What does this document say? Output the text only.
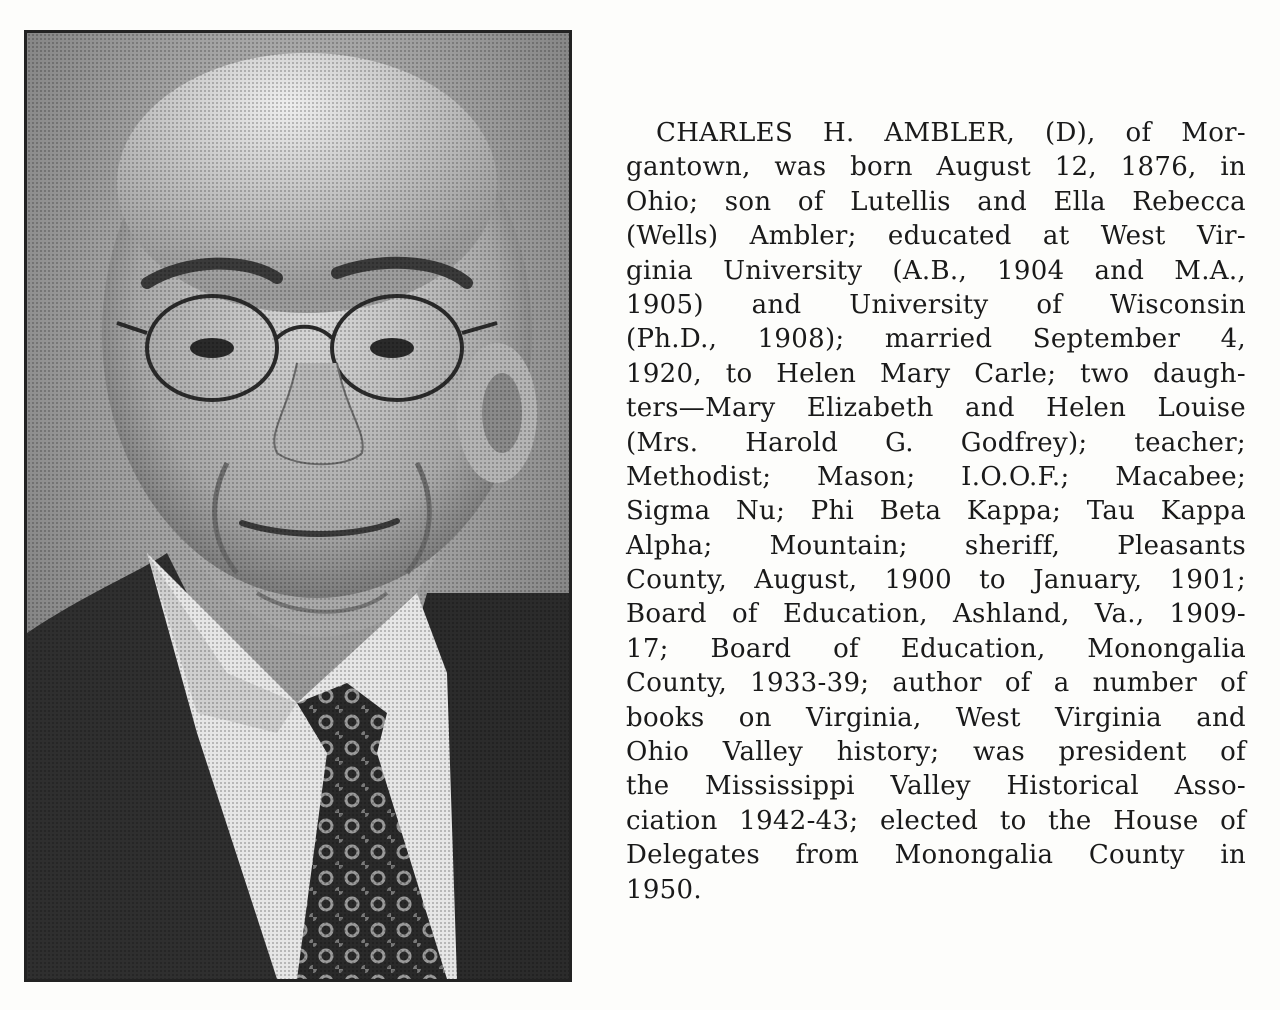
CHARLES H. AMBLER, (D), of Mor-
gantown, was born August 12, 1876, in
Ohio; son of Lutellis and Ella Rebecca
(Wells) Ambler; educated at West Vir-
ginia University (A.B., 1904 and M.A.,
1905) and University of Wisconsin
(Ph.D., 1908); married September 4,
1920, to Helen Mary Carle; two daugh-
ters—Mary Elizabeth and Helen Louise
(Mrs. Harold G. Godfrey); teacher;
Methodist; Mason; I.O.O.F.; Macabee;
Sigma Nu; Phi Beta Kappa; Tau Kappa
Alpha; Mountain; sheriff, Pleasants
County, August, 1900 to January, 1901;
Board of Education, Ashland, Va., 1909-
17; Board of Education, Monongalia
County, 1933-39; author of a number of
books on Virginia, West Virginia and
Ohio Valley history; was president of
the Mississippi Valley Historical Asso-
ciation 1942-43; elected to the House of
Delegates from Monongalia County in
1950.
